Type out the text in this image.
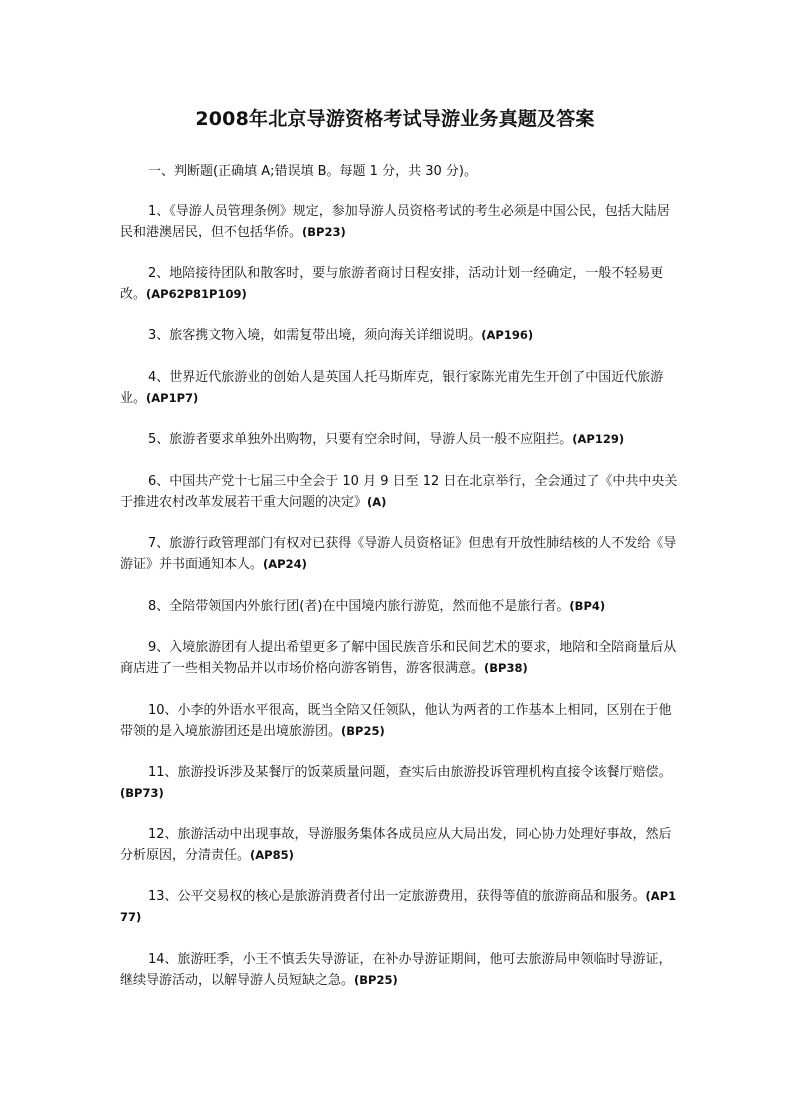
2008年北京导游资格考试导游业务真题及答案
一、判断题(正确填 A;错误填 B。每题 1 分，共 30 分)。
1、《导游人员管理条例》规定，参加导游人员资格考试的考生必须是中国公民，包括大陆居民和港澳居民，但不包括华侨。(BP23)
2、地陪接待团队和散客时，要与旅游者商讨日程安排，活动计划一经确定，一般不轻易更改。(AP62P81P109)
3、旅客携文物入境，如需复带出境，须向海关详细说明。(AP196)
4、世界近代旅游业的创始人是英国人托马斯库克，银行家陈光甫先生开创了中国近代旅游业。(AP1P7)
5、旅游者要求单独外出购物，只要有空余时间，导游人员一般不应阻拦。(AP129)
6、中国共产党十七届三中全会于 10 月 9 日至 12 日在北京举行，全会通过了《中共中央关于推进农村改革发展若干重大问题的决定》(A)
7、旅游行政管理部门有权对已获得《导游人员资格证》但患有开放性肺结核的人不发给《导游证》并书面通知本人。(AP24)
8、全陪带领国内外旅行团(者)在中国境内旅行游览，然而他不是旅行者。(BP4)
9、入境旅游团有人提出希望更多了解中国民族音乐和民间艺术的要求，地陪和全陪商量后从商店进了一些相关物品并以市场价格向游客销售，游客很满意。(BP38)
10、小李的外语水平很高，既当全陪又任领队，他认为两者的工作基本上相同，区别在于他带领的是入境旅游团还是出境旅游团。(BP25)
11、旅游投诉涉及某餐厅的饭菜质量问题，查实后由旅游投诉管理机构直接令该餐厅赔偿。(BP73)
12、旅游活动中出现事故，导游服务集体各成员应从大局出发，同心协力处理好事故，然后分析原因，分清责任。(AP85)
13、公平交易权的核心是旅游消费者付出一定旅游费用，获得等值的旅游商品和服务。(AP177)
14、旅游旺季，小王不慎丢失导游证，在补办导游证期间，他可去旅游局申领临时导游证，继续导游活动，以解导游人员短缺之急。(BP25)
